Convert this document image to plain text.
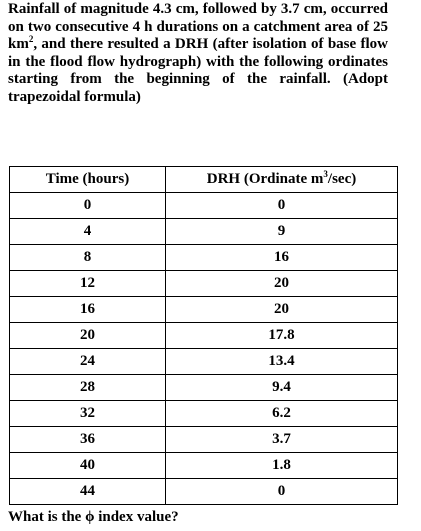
Rainfall of magnitude 4.3 cm, followed by 3.7 cm, occurred on two consecutive 4 h durations on a catchment area of 25 $km^2$, and there resulted a DRH (after isolation of base flow in the flood flow hydrograph) with the following ordinates starting from the beginning of the rainfall. (Adopt trapezoidal formula)

Time (hours)	DRH (Ordinate $m^3/\sec$)
0	0
4	9
8	16
12	20
16	20
20	17.8
24	13.4
28	9.4
32	6.2
36	3.7
40	1.8
44	0

What is the ϕ index value?
